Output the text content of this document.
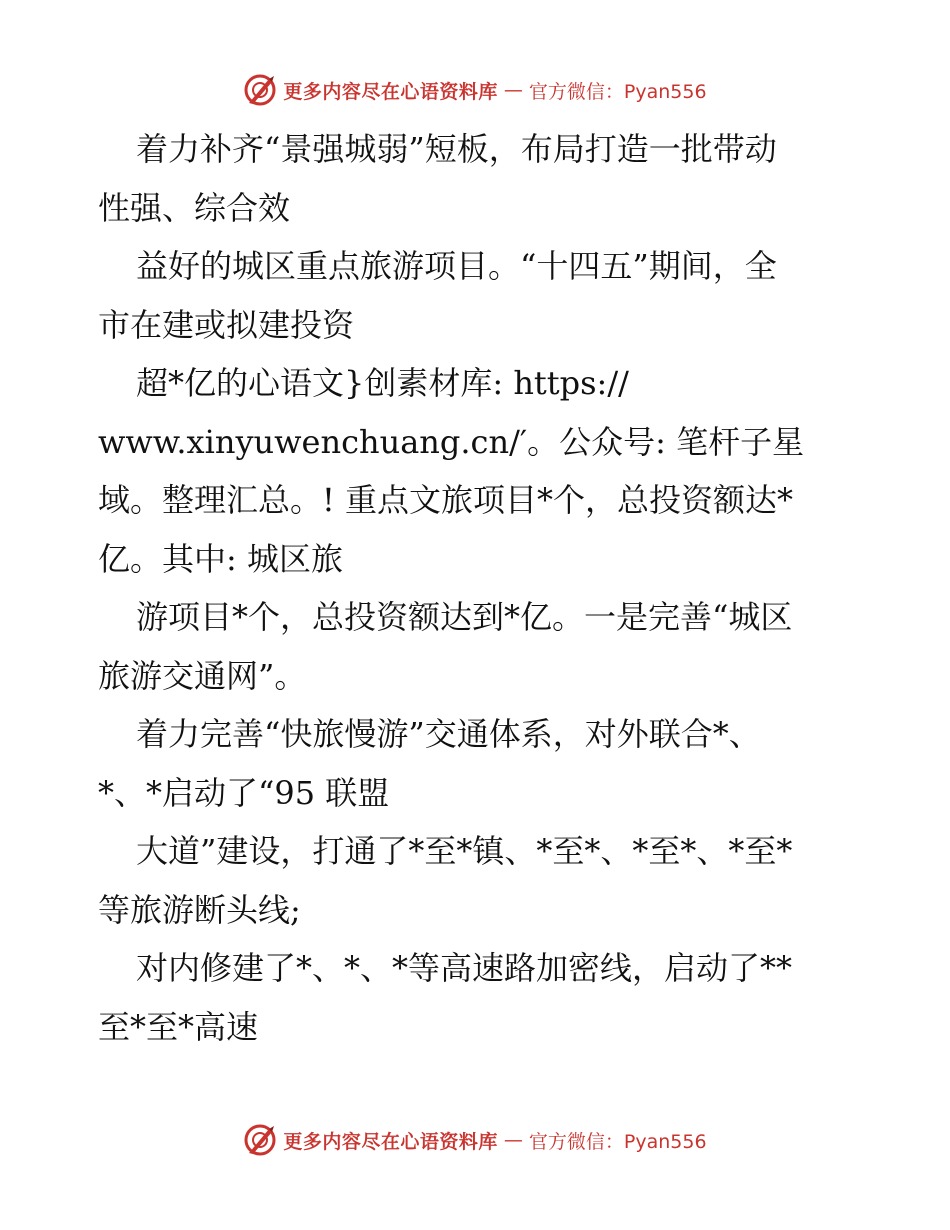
更多内容尽在心语资料库 — 官方微信：Pyan556
着力补齐“景强城弱”短板，布局打造一批带动
性强、综合效
益好的城区重点旅游项目。“十四五”期间，全
市在建或拟建投资
超*亿的心语文}创素材库: https://
www.xinyuwenchuang.cn/′。公众号: 笔杆子星
域。整理汇总。! 重点文旅项目*个，总投资额达*
亿。其中: 城区旅
游项目*个，总投资额达到*亿。一是完善“城区
旅游交通网”。
着力完善“快旅慢游”交通体系，对外联合*、
*、*启动了“95 联盟
大道”建设，打通了*至*镇、*至*、*至*、*至*
等旅游断头线;
对内修建了*、*、*等高速路加密线，启动了**
至*至*高速
更多内容尽在心语资料库 — 官方微信：Pyan556
